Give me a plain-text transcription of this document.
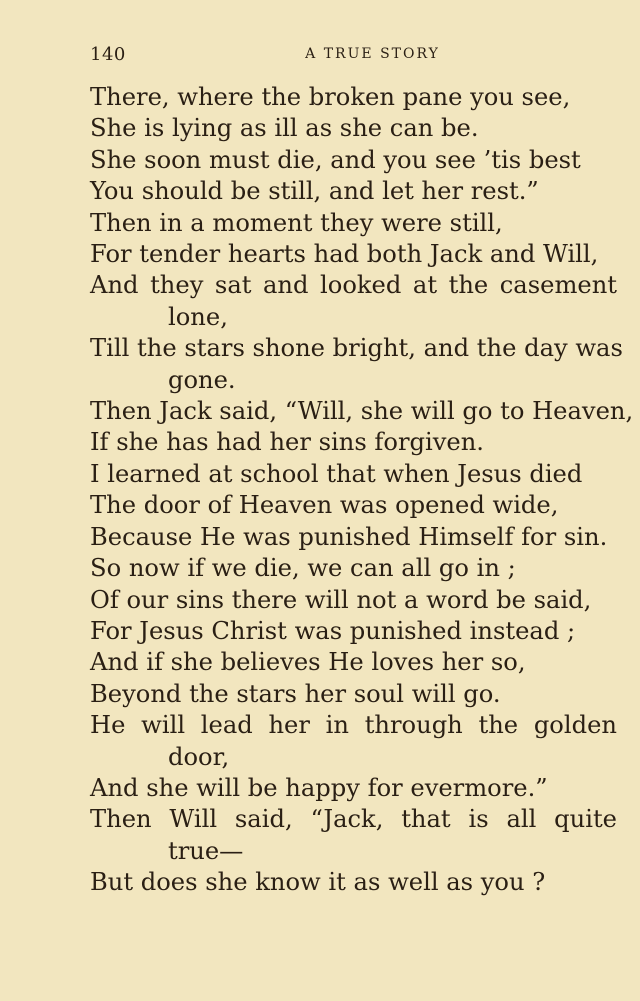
140	A TRUE STORY
There, where the broken pane you see,
She is lying as ill as she can be.
She soon must die, and you see ’tis best
You should be still, and let her rest.”
Then in a moment they were still,
For tender hearts had both Jack and Will,
And they sat and looked at the casement
lone,
Till the stars shone bright, and the day was
gone.
Then Jack said, “Will, she will go to Heaven,
If she has had her sins forgiven.
I learned at school that when Jesus died
The door of Heaven was opened wide,
Because He was punished Himself for sin.
So now if we die, we can all go in ;
Of our sins there will not a word be said,
For Jesus Christ was punished instead ;
And if she believes He loves her so,
Beyond the stars her soul will go.
He will lead her in through the golden
door,
And she will be happy for evermore.”
Then Will said, “Jack, that is all quite
true—
But does she know it as well as you ?
